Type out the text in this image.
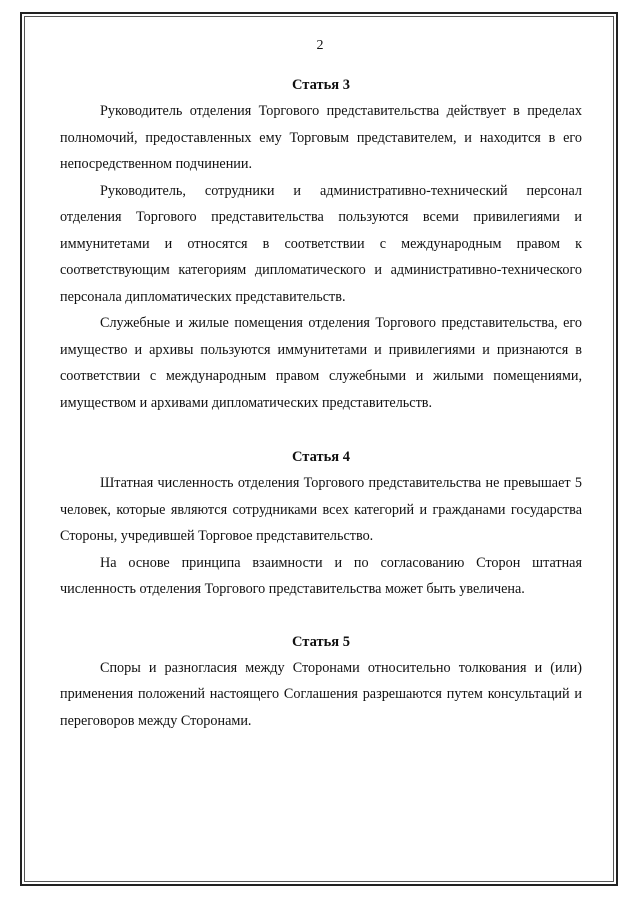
2
Статья 3

Руководитель отделения Торгового представительства действует в пределах полномочий, предоставленных ему Торговым представителем, и находится в его непосредственном подчинении.

Руководитель, сотрудники и административно-технический персонал отделения Торгового представительства пользуются всеми привилегиями и иммунитетами и относятся в соответствии с международным правом к соответствующим категориям дипломатического и административно-технического персонала дипломатических представительств.

Служебные и жилые помещения отделения Торгового представительства, его имущество и архивы пользуются иммунитетами и привилегиями и признаются в соответствии с международным правом служебными и жилыми помещениями, имуществом и архивами дипломатических представительств.

Статья 4

Штатная численность отделения Торгового представительства не превышает 5 человек, которые являются сотрудниками всех категорий и гражданами государства Стороны, учредившей Торговое представительство.

На основе принципа взаимности и по согласованию Сторон штатная численность отделения Торгового представительства может быть увеличена.

Статья 5

Споры и разногласия между Сторонами относительно толкования и (или) применения положений настоящего Соглашения разрешаются путем консультаций и переговоров между Сторонами.
